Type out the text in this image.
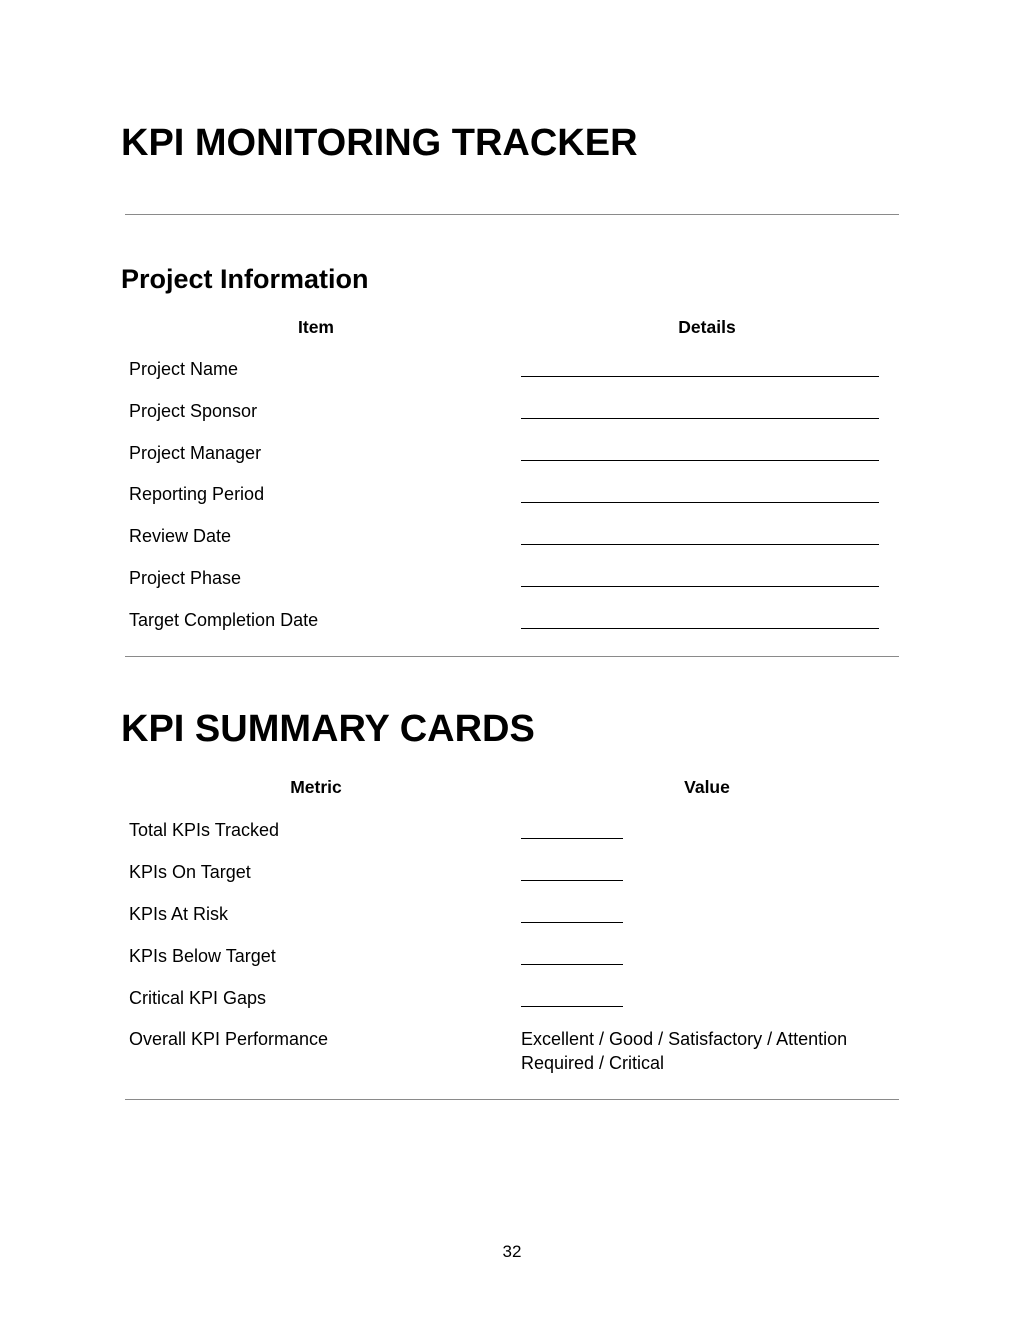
KPI MONITORING TRACKER
Project Information
Item	Details
Project Name
Project Sponsor
Project Manager
Reporting Period
Review Date
Project Phase
Target Completion Date
KPI SUMMARY CARDS
Metric	Value
Total KPIs Tracked
KPIs On Target
KPIs At Risk
KPIs Below Target
Critical KPI Gaps
Overall KPI Performance	Excellent / Good / Satisfactory / Attention Required / Critical
32
